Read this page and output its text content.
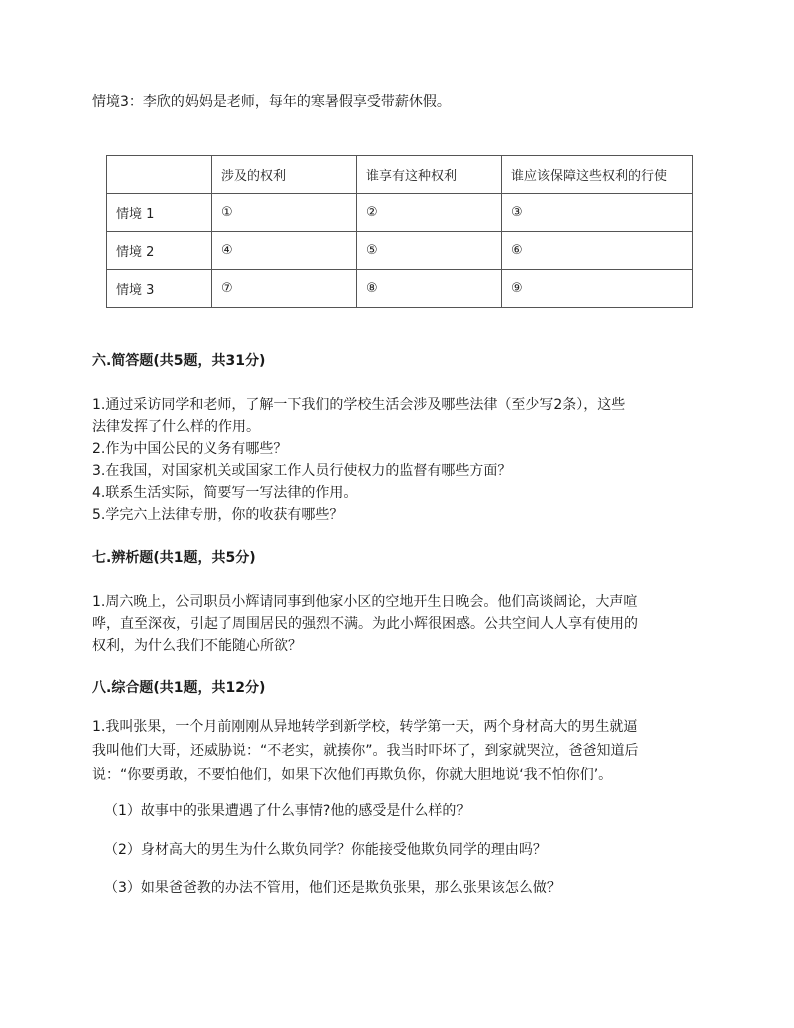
情境3：李欣的妈妈是老师，每年的寒暑假享受带薪休假。
	涉及的权利	谁享有这种权利	谁应该保障这些权利的行使
情境 1	①	②	③
情境 2	④	⑤	⑥
情境 3	⑦	⑧	⑨
六.简答题(共5题，共31分)
1.通过采访同学和老师，了解一下我们的学校生活会涉及哪些法律（至少写2条），这些
法律发挥了什么样的作用。
2.作为中国公民的义务有哪些？
3.在我国，对国家机关或国家工作人员行使权力的监督有哪些方面？
4.联系生活实际，简要写一写法律的作用。
5.学完六上法律专册，你的收获有哪些？
七.辨析题(共1题，共5分)
1.周六晚上，公司职员小辉请同事到他家小区的空地开生日晚会。他们高谈阔论，大声喧
哗，直至深夜，引起了周围居民的强烈不满。为此小辉很困惑。公共空间人人享有使用的
权利，为什么我们不能随心所欲？
八.综合题(共1题，共12分)
1.我叫张果，一个月前刚刚从异地转学到新学校，转学第一天，两个身材高大的男生就逼
我叫他们大哥，还威胁说：“不老实，就揍你”。我当时吓坏了，到家就哭泣，爸爸知道后
说：“你要勇敢，不要怕他们，如果下次他们再欺负你，你就大胆地说‘我不怕你们’。
（1）故事中的张果遭遇了什么事情?他的感受是什么样的？
（2）身材高大的男生为什么欺负同学？你能接受他欺负同学的理由吗？
（3）如果爸爸教的办法不管用，他们还是欺负张果，那么张果该怎么做？
